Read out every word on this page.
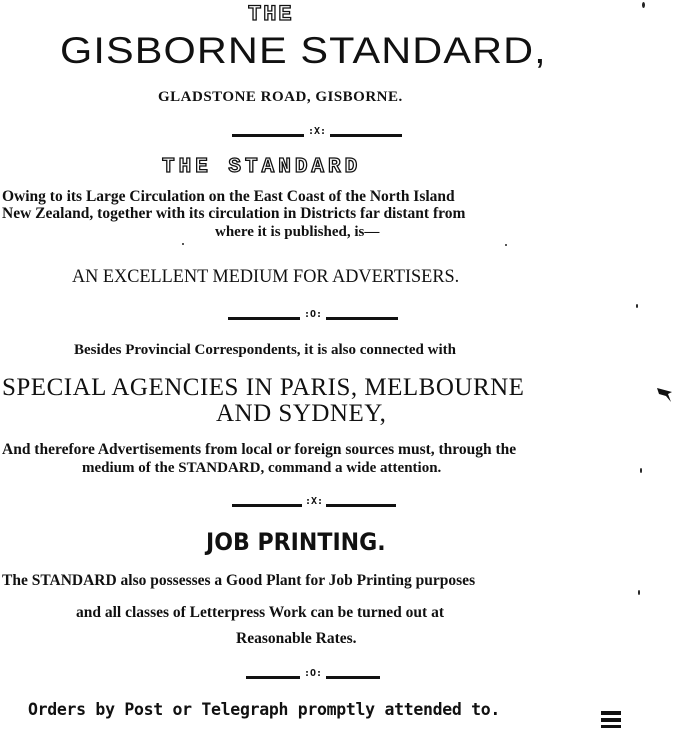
THE
GISBORNE STANDARD,
GLADSTONE ROAD, GISBORNE.
:X:
THE STANDARD
Owing to its Large Circulation on the East Coast of the North Island
New Zealand, together with its circulation in Districts far distant from
where it is published, is—
AN EXCELLENT MEDIUM FOR ADVERTISERS.
:O:
Besides Provincial Correspondents, it is also connected with
SPECIAL AGENCIES IN PARIS, MELBOURNE
AND SYDNEY,
And therefore Advertisements from local or foreign sources must, through the
medium of the STANDARD, command a wide attention.
:X:
JOB PRINTING.
The STANDARD also possesses a Good Plant for Job Printing purposes
and all classes of Letterpress Work can be turned out at
Reasonable Rates.
:O:
Orders by Post or Telegraph promptly attended to.
